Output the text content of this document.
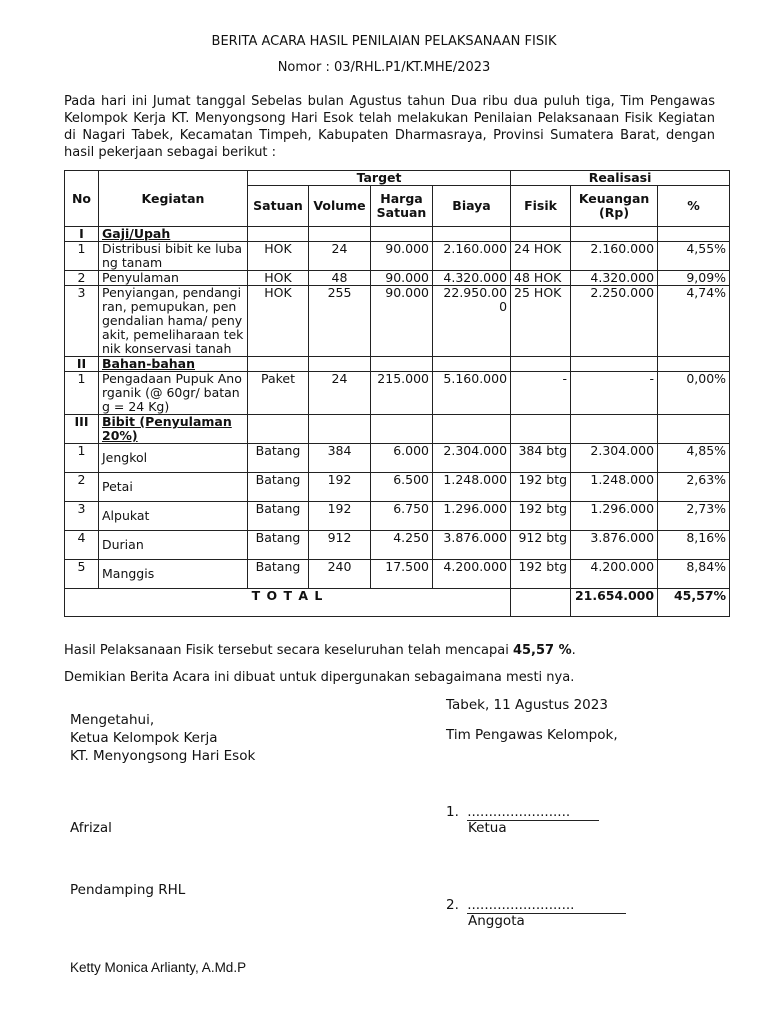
BERITA ACARA HASIL PENILAIAN PELAKSANAAN FISIK
Nomor : 03/RHL.P1/KT.MHE/2023
Pada hari ini Jumat tanggal Sebelas bulan Agustus tahun Dua ribu dua puluh tiga, Tim Pengawas Kelompok Kerja KT. Menyongsong Hari Esok telah melakukan Penilaian Pelaksanaan Fisik Kegiatan di Nagari Tabek, Kecamatan Timpeh, Kabupaten Dharmasraya, Provinsi Sumatera Barat, dengan hasil pekerjaan sebagai berikut :
No	Kegiatan	Target				Realisasi		
		Satuan	Volume	Harga Satuan	Biaya	Fisik	Keuangan (Rp)	%
I	Gaji/Upah							
1	Distribusi bibit ke lubang tanam	HOK	24	90.000	2.160.000	24 HOK	2.160.000	4,55%
2	Penyulaman	HOK	48	90.000	4.320.000	48 HOK	4.320.000	9,09%
3	Penyiangan, pendangiran, pemupukan, pengendalian hama/ penyakit, pemeliharaan teknik konservasi tanah	HOK	255	90.000	22.950.000	25 HOK	2.250.000	4,74%
II	Bahan-bahan							
1	Pengadaan Pupuk Anorganik (@ 60gr/ batang = 24 Kg)	Paket	24	215.000	5.160.000	-	-	0,00%
III	Bibit (Penyulaman 20%)							
1	Jengkol	Batang	384	6.000	2.304.000	384 btg	2.304.000	4,85%
2	Petai	Batang	192	6.500	1.248.000	192 btg	1.248.000	2,63%
3	Alpukat	Batang	192	6.750	1.296.000	192 btg	1.296.000	2,73%
4	Durian	Batang	912	4.250	3.876.000	912 btg	3.876.000	8,16%
5	Manggis	Batang	240	17.500	4.200.000	192 btg	4.200.000	8,84%
T O T A L							21.654.000	45,57%
Hasil Pelaksanaan Fisik tersebut secara keseluruhan telah mencapai 45,57 %.
Demikian Berita Acara ini dibuat untuk dipergunakan sebagaimana mesti nya.
Mengetahui,
Ketua Kelompok Kerja
KT. Menyongsong Hari Esok
Afrizal
Pendamping RHL
Ketty Monica Arlianty, A.Md.P
Tabek, 11 Agustus 2023
Tim Pengawas Kelompok,
1. ........................
Ketua
2. .........................
Anggota
